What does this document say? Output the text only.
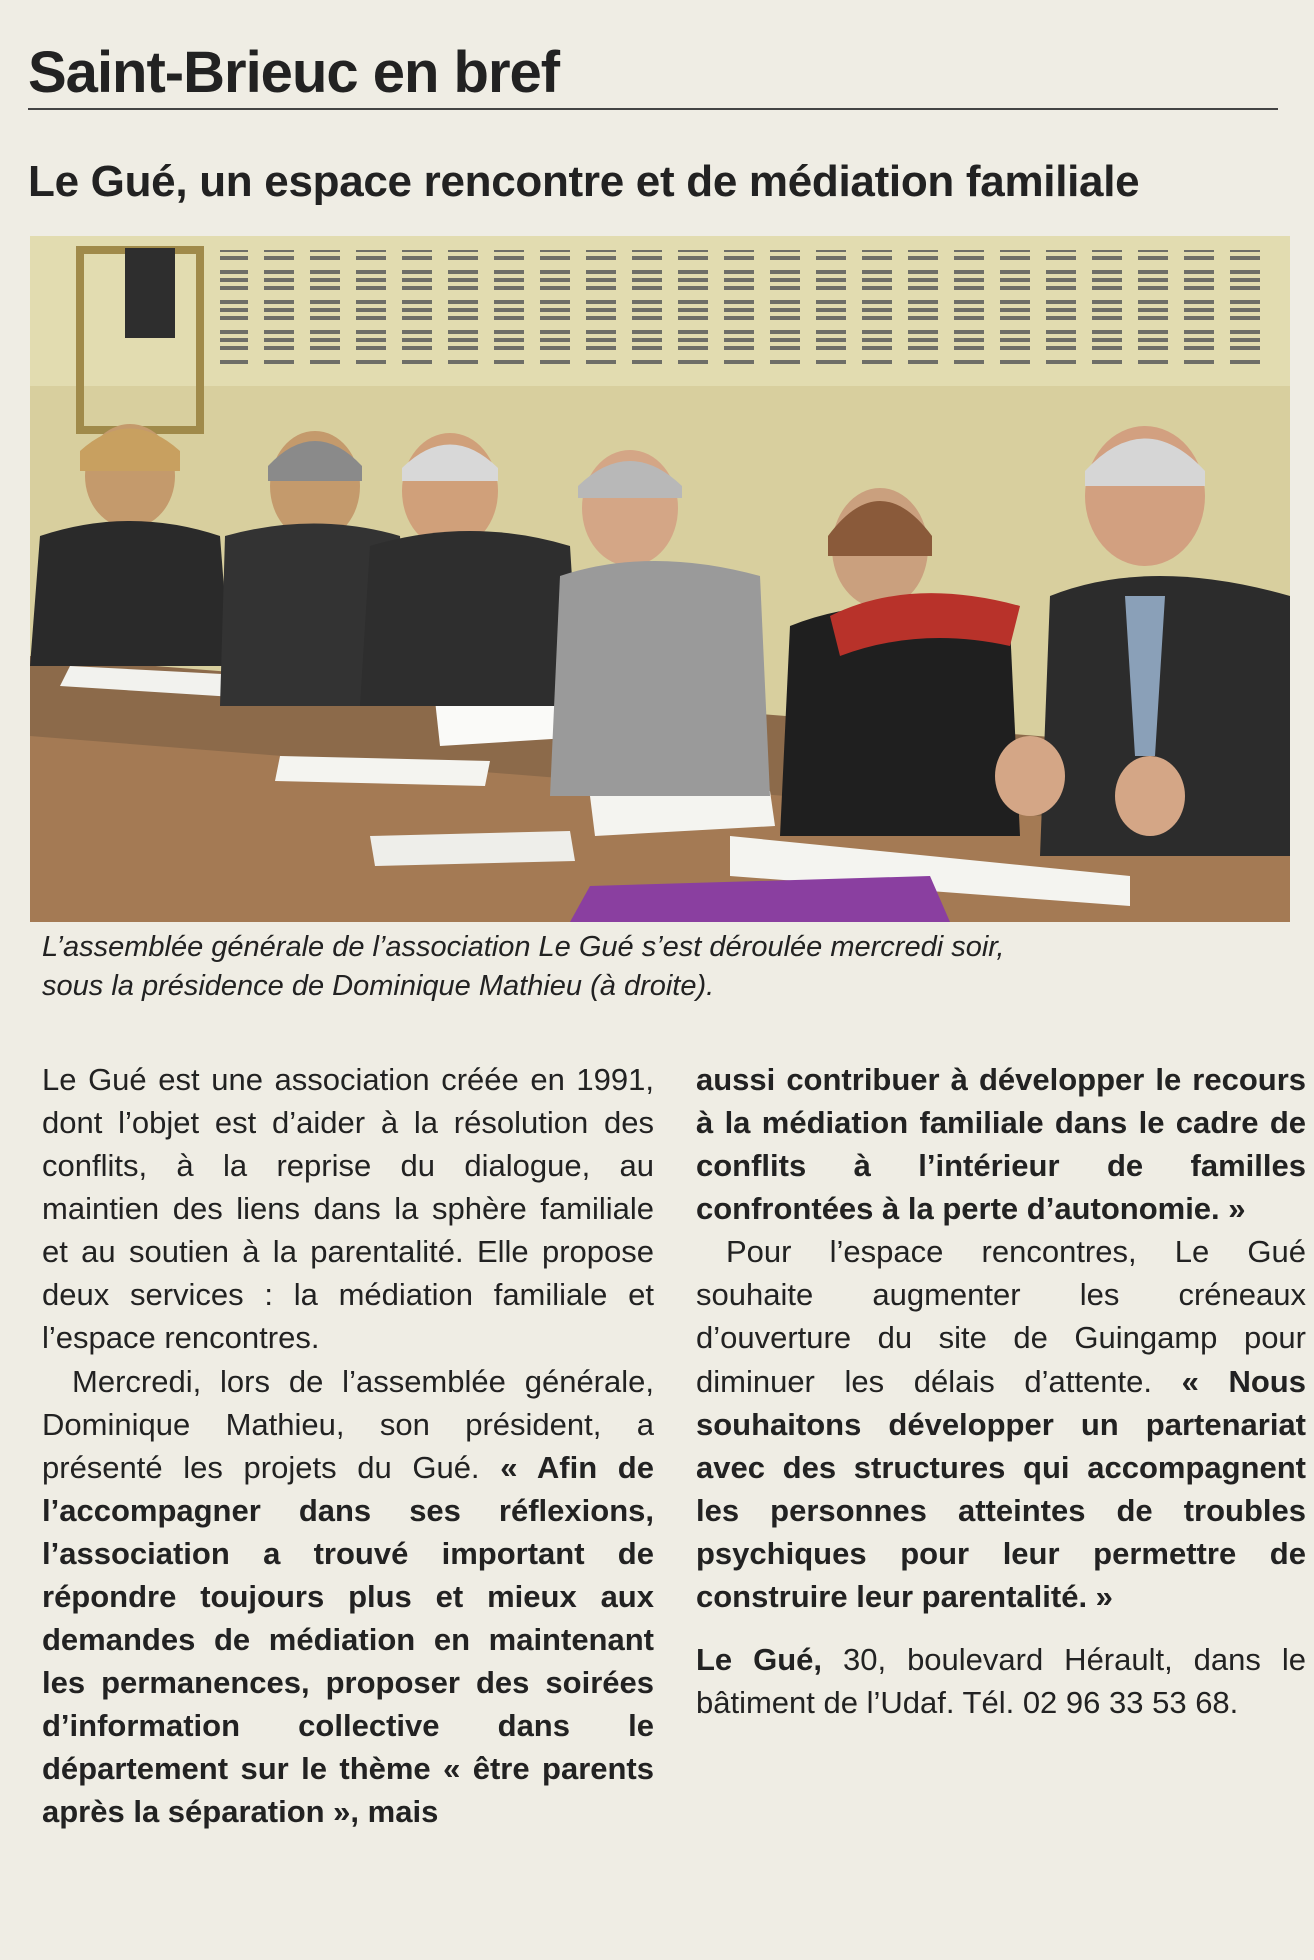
Saint-Brieuc en bref
Le Gué, un espace rencontre et de médiation familiale

L’assemblée générale de l’association Le Gué s’est déroulée mercredi soir,
sous la présidence de Dominique Mathieu (à droite).

Le Gué est une association créée en 1991, dont l’objet est d’aider à la résolution des conflits, à la reprise du dialogue, au maintien des liens dans la sphère familiale et au soutien à la parentalité. Elle propose deux services : la médiation familiale et l’espace rencontres.

Mercredi, lors de l’assemblée générale, Dominique Mathieu, son président, a présenté les projets du Gué. « Afin de l’accompagner dans ses réflexions, l’association a trouvé important de répondre toujours plus et mieux aux demandes de médiation en maintenant les permanences, proposer des soirées d’information collective dans le département sur le thème « être parents après la séparation », mais

aussi contribuer à développer le recours à la médiation familiale dans le cadre de conflits à l’intérieur de familles confrontées à la perte d’autonomie. »

Pour l’espace rencontres, Le Gué souhaite augmenter les créneaux d’ouverture du site de Guingamp pour diminuer les délais d’attente. « Nous souhaitons développer un partenariat avec des structures qui accompagnent les personnes atteintes de troubles psychiques pour leur permettre de construire leur parentalité. »

Le Gué, 30, boulevard Hérault, dans le bâtiment de l’Udaf. Tél. 02 96 33 53 68.
